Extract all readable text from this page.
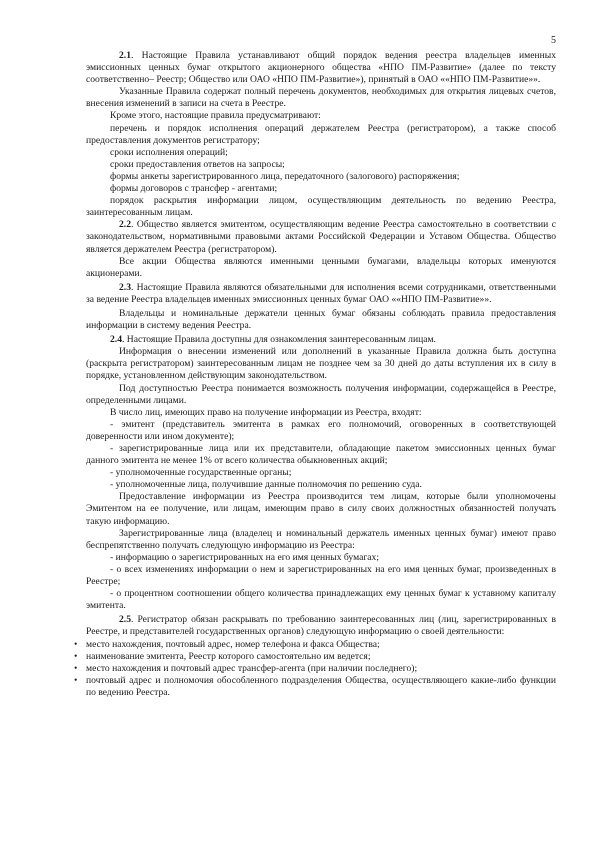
5

2.1. Настоящие Правила устанавливают общий порядок ведения реестра владельцев именных эмиссионных ценных бумаг открытого акционерного общества «НПО ПМ-Развитие» (далее по тексту соответственно– Реестр; Общество или ОАО «НПО ПМ-Развитие»), принятый в ОАО ««НПО ПМ-Развитие»».

Указанные Правила содержат полный перечень документов, необходимых для открытия лицевых счетов, внесения изменений в записи на счета в Реестре.

Кроме этого, настоящие правила предусматривают:

перечень и порядок исполнения операций держателем Реестра (регистратором), а также способ предоставления документов регистратору;

сроки исполнения операций;

сроки предоставления ответов на запросы;

формы анкеты зарегистрированного лица, передаточного (залогового) распоряжения;

формы договоров с трансфер - агентами;

порядок раскрытия информации лицом, осуществляющим деятельность по ведению Реестра, заинтересованным лицам.

2.2. Общество является эмитентом, осуществляющим ведение Реестра самостоятельно в соответствии с законодательством, нормативными правовыми актами Российской Федерации и Уставом Общества. Общество является держателем Реестра (регистратором).

Все акции Общества являются именными ценными бумагами, владельцы которых именуются акционерами.

2.3. Настоящие Правила являются обязательными для исполнения всеми сотрудниками, ответственными за ведение Реестра владельцев именных эмиссионных ценных бумаг ОАО ««НПО ПМ-Развитие»».

Владельцы и номинальные держатели ценных бумаг обязаны соблюдать правила предоставления информации в систему ведения Реестра.

2.4. Настоящие Правила доступны для ознакомления заинтересованным лицам.

Информация о внесении изменений или дополнений в указанные Правила должна быть доступна (раскрыта регистратором) заинтересованным лицам не позднее чем за 30 дней до даты вступления их в силу в порядке, установленном действующим законодательством.

Под доступностью Реестра понимается возможность получения информации, содержащейся в Реестре, определенными лицами.

В число лиц, имеющих право на получение информации из Реестра, входят:

- эмитент (представитель эмитента в рамках его полномочий, оговоренных в соответствующей доверенности или ином документе);

- зарегистрированные лица или их представители, обладающие пакетом эмиссионных ценных бумаг данного эмитента не менее 1% от всего количества обыкновенных акций;

- уполномоченные государственные органы;

- уполномоченные лица, получившие данные полномочия по решению суда.

Предоставление информации из Реестра производится тем лицам, которые были уполномочены Эмитентом на ее получение, или лицам, имеющим право в силу своих должностных обязанностей получать такую информацию.

Зарегистрированные лица (владелец и номинальный держатель именных ценных бумаг) имеют право беспрепятственно получать следующую информацию из Реестра:

- информацию о зарегистрированных на его имя ценных бумагах;

- о всех изменениях информации о нем и зарегистрированных на его имя ценных бумаг, произведенных в Реестре;

- о процентном соотношении общего количества принадлежащих ему ценных бумаг к уставному капиталу эмитента.

2.5. Регистратор обязан раскрывать по требованию заинтересованных лиц (лиц, зарегистрированных в Реестре, и представителей государственных органов) следующую информацию о своей деятельности:

• место нахождения, почтовый адрес, номер телефона и факса Общества;
• наименование эмитента, Реестр которого самостоятельно им ведется;
• место нахождения и почтовый адрес трансфер-агента (при наличии последнего);
• почтовый адрес и полномочия обособленного подразделения Общества, осуществляющего какие-либо функции по ведению Реестра.
